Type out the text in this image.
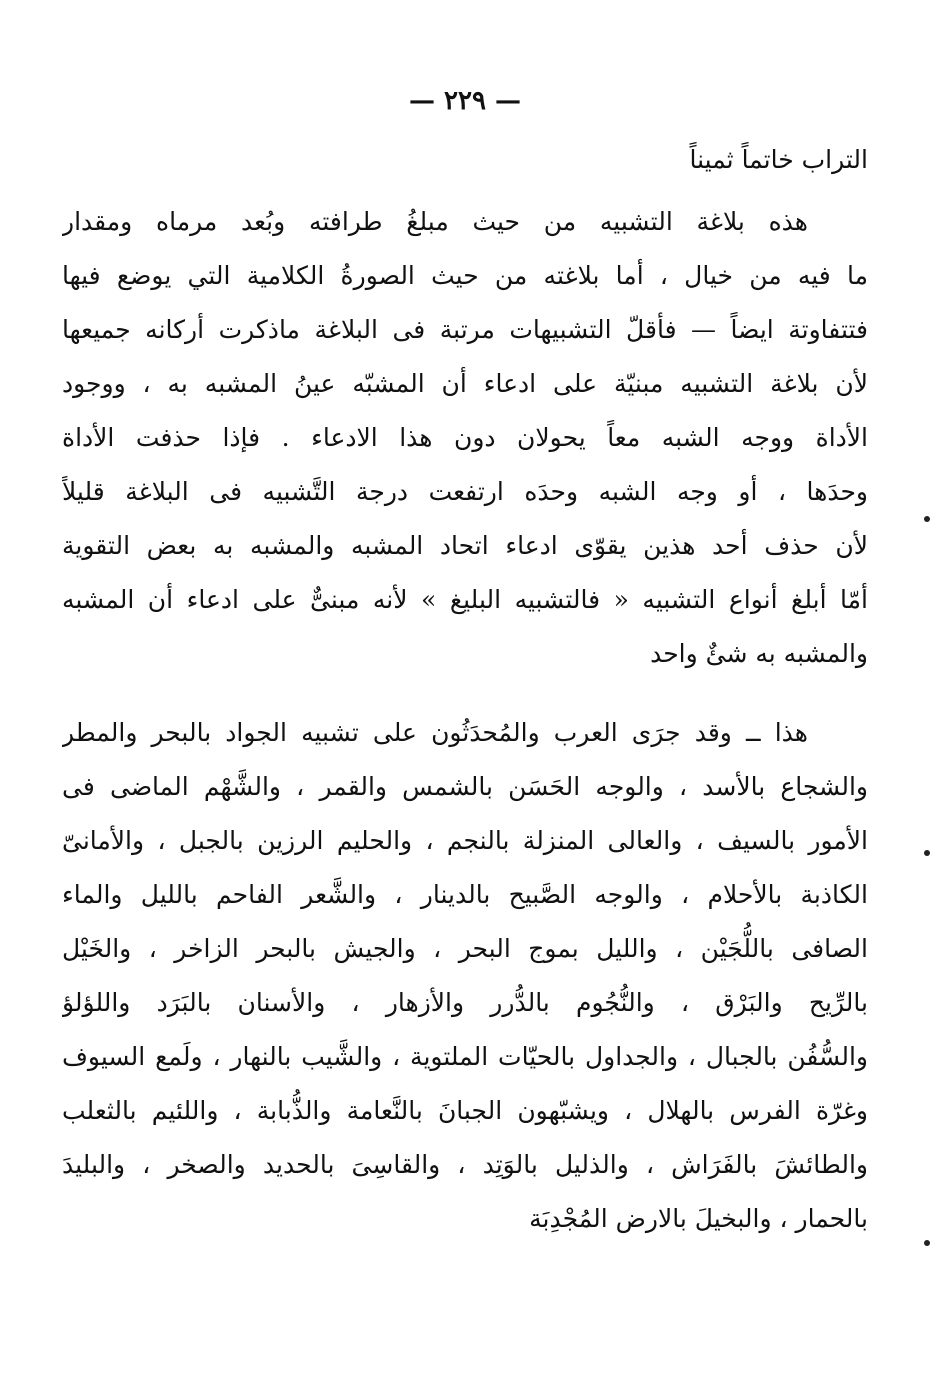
— ٢٢٩ —
التراب خاتماً ثميناً
هذه بلاغة التشبيه من حيث مبلغُ طرافته وبُعد مرماه ومقدار
ما فيه من خيال ، أما بلاغته من حيث الصورةُ الكلامية التي يوضع فيها
فتتفاوتة ايضاً — فأقلّ التشبيهات مرتبة فى البلاغة ماذكرت أركانه جميعها
لأن بلاغة التشبيه مبنيّة على ادعاء أن المشبّه عينُ المشبه به ، ووجود
الأداة ووجه الشبه معاً يحولان دون هذا الادعاء . فإذا حذفت الأداة
وحدَها ، أو وجه الشبه وحدَه ارتفعت درجة التَّشبيه فى البلاغة قليلاً
لأن حذف أحد هذين يقوّى ادعاء اتحاد المشبه والمشبه به بعض التقوية
أمّا أبلغ أنواع التشبيه « فالتشبيه البليغ » لأنه مبنىٌّ على ادعاء أن المشبه
والمشبه به شئٌ واحد
هذا ــ وقد جرَى العرب والمُحدَثُون على تشبيه الجواد بالبحر والمطر
والشجاع بالأسد ، والوجه الحَسَن بالشمس والقمر ، والشَّهْم الماضى فى
الأمور بالسيف ، والعالى المنزلة بالنجم ، والحليم الرزين بالجبل ، والأمانىّ
الكاذبة بالأحلام ، والوجه الصَّبيح بالدينار ، والشَّعر الفاحم بالليل والماء
الصافى باللُّجَيْن ، والليل بموج البحر ، والجيش بالبحر الزاخر ، والخَيْل
بالرِّيح والبَرْق ، والنُّجُوم بالدُّرر والأزهار ، والأسنان بالبَرَد واللؤلؤ
والسُّفُن بالجبال ، والجداول بالحيّات الملتوية ، والشَّيب بالنهار ، ولَمع السيوف
وغرّة الفرس بالهلال ، ويشبّهون الجبانَ بالنَّعامة والذُّبابة ، واللئيم بالثعلب
والطائشَ بالفَرَاش ، والذليل بالوَتِد ، والقاسِىَ بالحديد والصخر ، والبليدَ
بالحمار ، والبخيلَ بالارض المُجْدِبَة
